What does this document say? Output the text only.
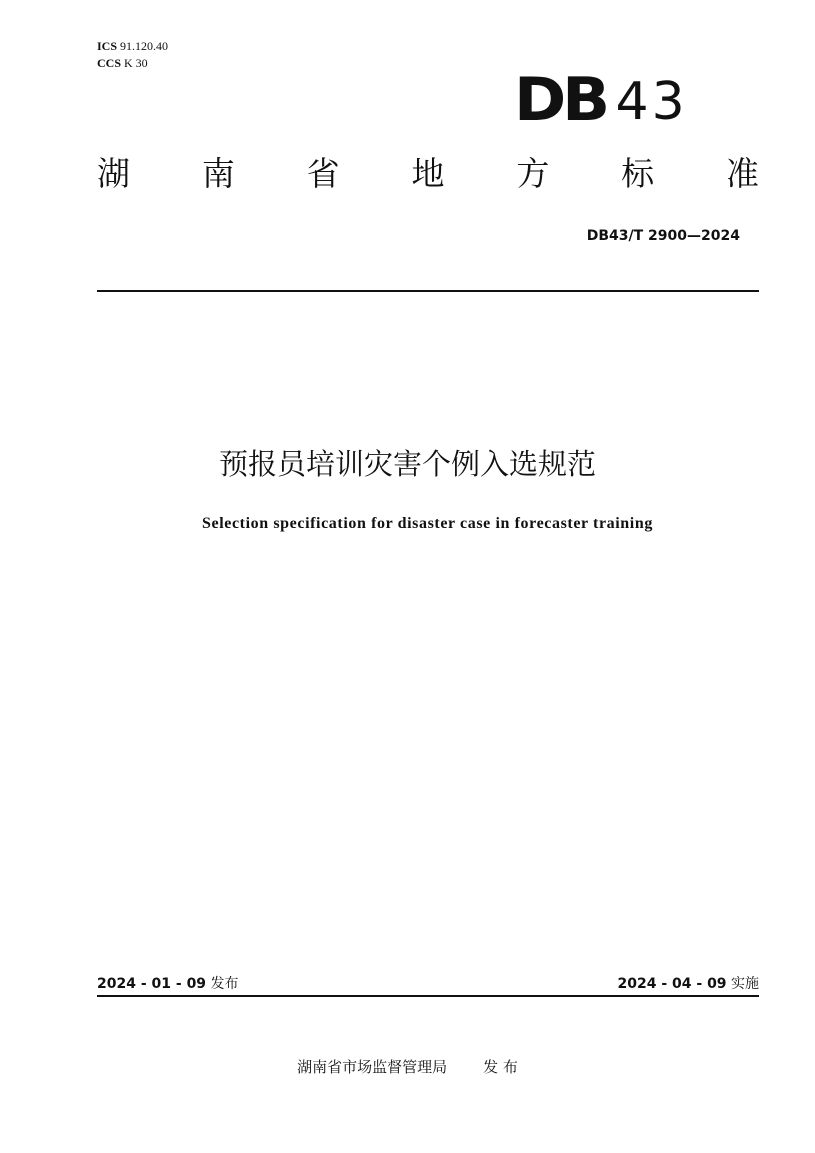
ICS 91.120.40
CCS K 30
DB 43
湖 南 省 地 方 标 准
DB43/T 2900—2024
预报员培训灾害个例入选规范
Selection specification for disaster case in forecaster training
2024 - 01 - 09 发布	2024 - 04 - 09 实施
湖南省市场监督管理局 发 布
